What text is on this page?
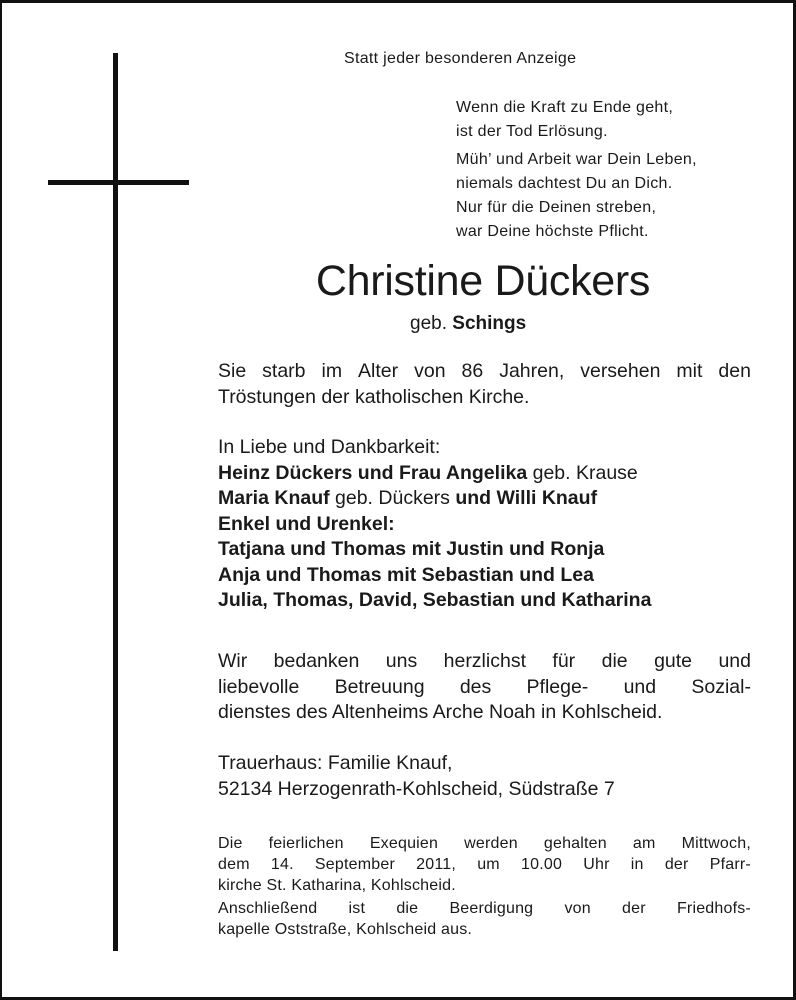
Statt jeder besonderen Anzeige
Wenn die Kraft zu Ende geht,
ist der Tod Erlösung.
Müh’ und Arbeit war Dein Leben,
niemals dachtest Du an Dich.
Nur für die Deinen streben,
war Deine höchste Pflicht.
Christine Dückers
geb. Schings
Sie starb im Alter von 86 Jahren, versehen mit den
Tröstungen der katholischen Kirche.
In Liebe und Dankbarkeit:
Heinz Dückers und Frau Angelika geb. Krause
Maria Knauf geb. Dückers und Willi Knauf
Enkel und Urenkel:
Tatjana und Thomas mit Justin und Ronja
Anja und Thomas mit Sebastian und Lea
Julia, Thomas, David, Sebastian und Katharina
Wir bedanken uns herzlichst für die gute und
liebevolle Betreuung des Pflege- und Sozial-
dienstes des Altenheims Arche Noah in Kohlscheid.
Trauerhaus: Familie Knauf,
52134 Herzogenrath-Kohlscheid, Südstraße 7
Die feierlichen Exequien werden gehalten am Mittwoch,
dem 14. September 2011, um 10.00 Uhr in der Pfarr-
kirche St. Katharina, Kohlscheid.
Anschließend ist die Beerdigung von der Friedhofs-
kapelle Oststraße, Kohlscheid aus.
